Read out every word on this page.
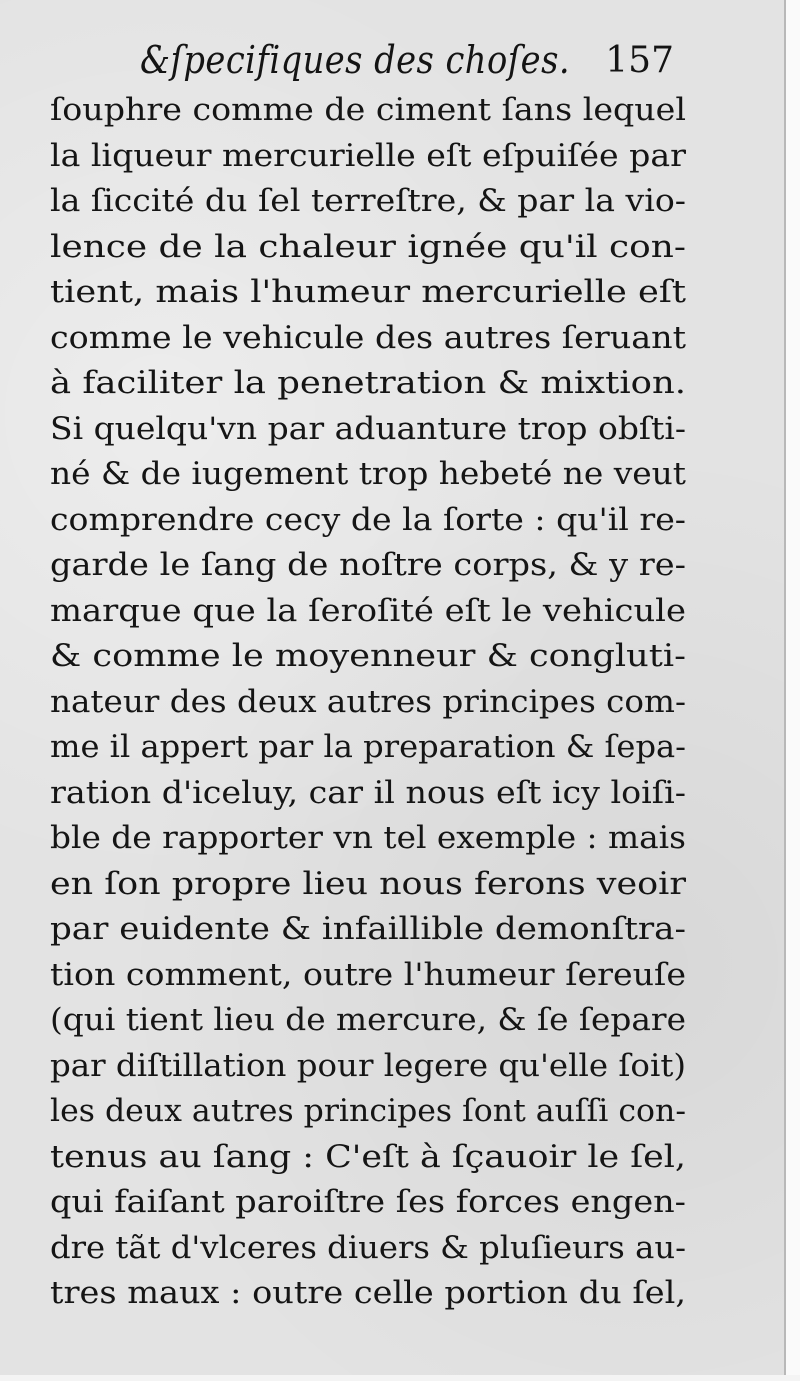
&ſpecifiques des choſes. 157
ſouphre comme de ciment ſans lequel
la liqueur mercurielle eſt eſpuiſée par
la ſiccité du ſel terreſtre, & par la vio-
lence de la chaleur ignée qu'il con-
tient, mais l'humeur mercurielle eſt
comme le vehicule des autres ſeruant
à faciliter la penetration & mixtion.
Si quelqu'vn par aduanture trop obſti-
né & de iugement trop hebeté ne veut
comprendre cecy de la ſorte : qu'il re-
garde le ſang de noſtre corps, & y re-
marque que la ſeroſité eſt le vehicule
& comme le moyenneur & congluti-
nateur des deux autres principes com-
me il appert par la preparation & ſepa-
ration d'iceluy, car il nous eſt icy loiſi-
ble de rapporter vn tel exemple : mais
en ſon propre lieu nous ferons veoir
par euidente & infaillible demonſtra-
tion comment, outre l'humeur ſereuſe
(qui tient lieu de mercure, & ſe ſepare
par diſtillation pour legere qu'elle ſoit)
les deux autres principes ſont auſſi con-
tenus au ſang : C'eſt à ſçauoir le ſel,
qui faiſant paroiſtre ſes forces engen-
dre tãt d'vlceres diuers & pluſieurs au-
tres maux : outre celle portion du ſel,
